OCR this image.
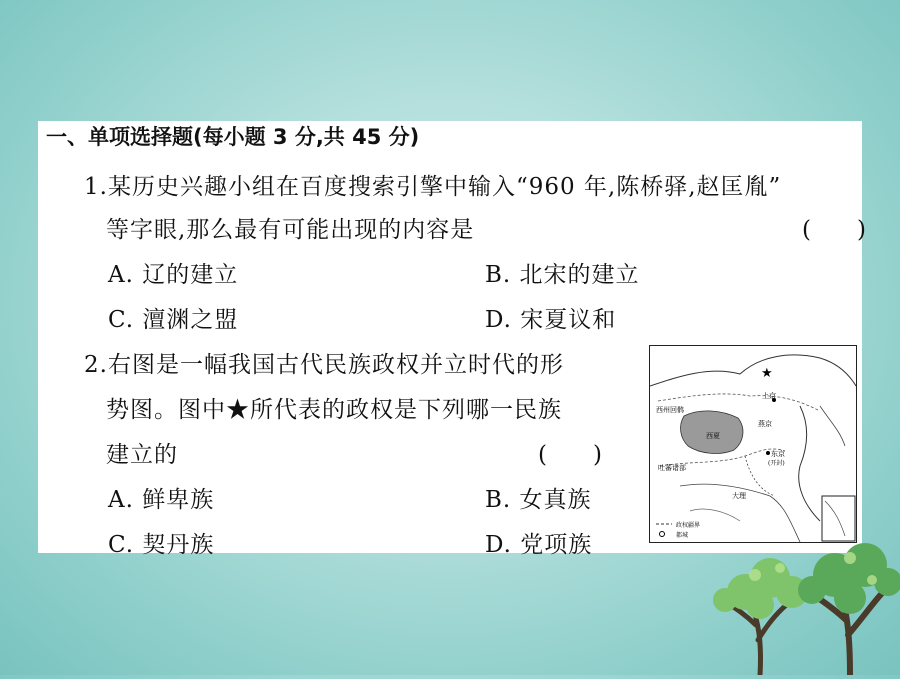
一、单项选择题(每小题 3 分,共 45 分)
1.某历史兴趣小组在百度搜索引擎中输入“960 年,陈桥驿,赵匡胤”
等字眼,那么最有可能出现的内容是	(　　)
A. 辽的建立	B. 北宋的建立
C. 澶渊之盟	D. 宋夏议和
2.右图是一幅我国古代民族政权并立时代的形
势图。图中★所代表的政权是下列哪一民族
建立的	(　　)
A. 鲜卑族	B. 女真族
C. 契丹族	D. 党项族
★
西州回鹘
西夏
上京
燕京
东京
(开封)
吐蕃诸部
大理
政权疆界
都城
